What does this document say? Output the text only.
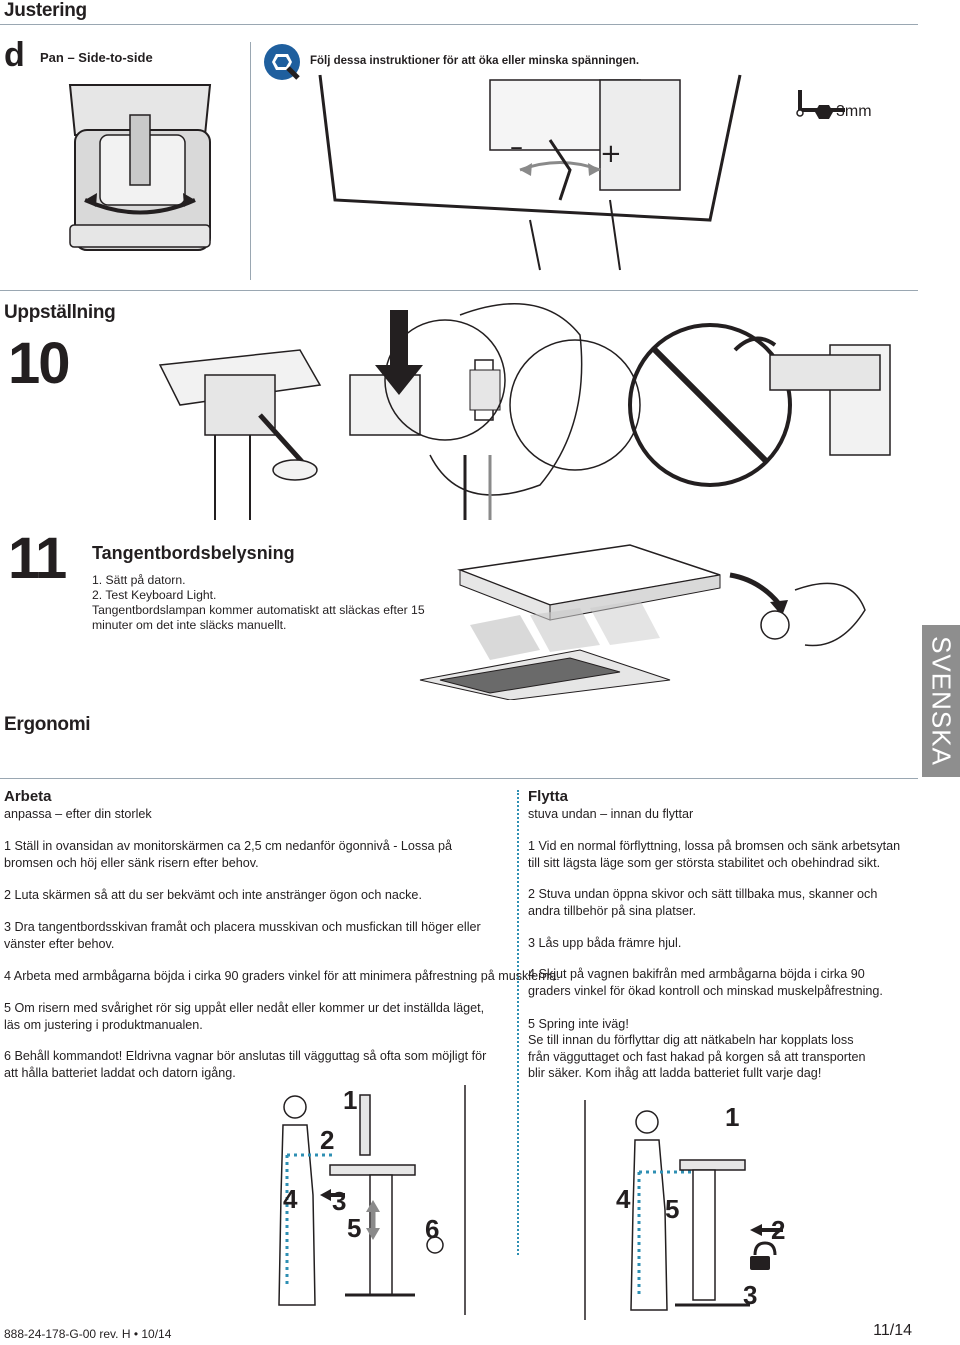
Justering
d Pan – Side-to-side	Följ dessa instruktioner för att öka eller minska spänningen.
–	+
3mm
Uppställning
10
11 Tangentbordsbelysning
1. Sätt på datorn.
2. Test Keyboard Light.
Tangentbordslampan kommer automatiskt att släckas efter 15
minuter om det inte släcks manuellt.
Ergonomi	SVENSKA
Arbeta
anpassa – efter din storlek
1 Ställ in ovansidan av monitorskärmen ca 2,5 cm nedanför ögonnivå - Lossa på bromsen och höj eller sänk risern efter behov.
2 Luta skärmen så att du ser bekvämt och inte anstränger ögon och nacke.
3 Dra tangentbordsskivan framåt och placera musskivan och musfickan till höger eller vänster efter behov.
4 Arbeta med armbågarna böjda i cirka 90 graders vinkel för att minimera påfrestning på musklerna.
5 Om risern med svårighet rör sig uppåt eller nedåt eller kommer ur det inställda läget, läs om justering i produktmanualen.
6 Behåll kommandot! Eldrivna vagnar bör anslutas till vägguttag så ofta som möjligt för att hålla batteriet laddat och datorn igång.
Flytta
stuva undan – innan du flyttar
1 Vid en normal förflyttning, lossa på bromsen och sänk arbetsytan till sitt lägsta läge som ger största stabilitet och obehindrad sikt.
2 Stuva undan öppna skivor och sätt tillbaka mus, skanner och andra tillbehör på sina platser.
3 Lås upp båda främre hjul.
4 Skjut på vagnen bakifrån med armbågarna böjda i cirka 90 graders vinkel för ökad kontroll och minskad muskelpåfrestning.
5 Spring inte iväg!
Se till innan du förflyttar dig att nätkabeln har kopplats loss från vägguttaget och fast hakad på korgen så att transporten blir säker. Kom ihåg att ladda batteriet fullt varje dag!
1
2
3
4
5 6
1
4 5
2
3
888-24-178-G-00 rev. H • 10/14	11/14
